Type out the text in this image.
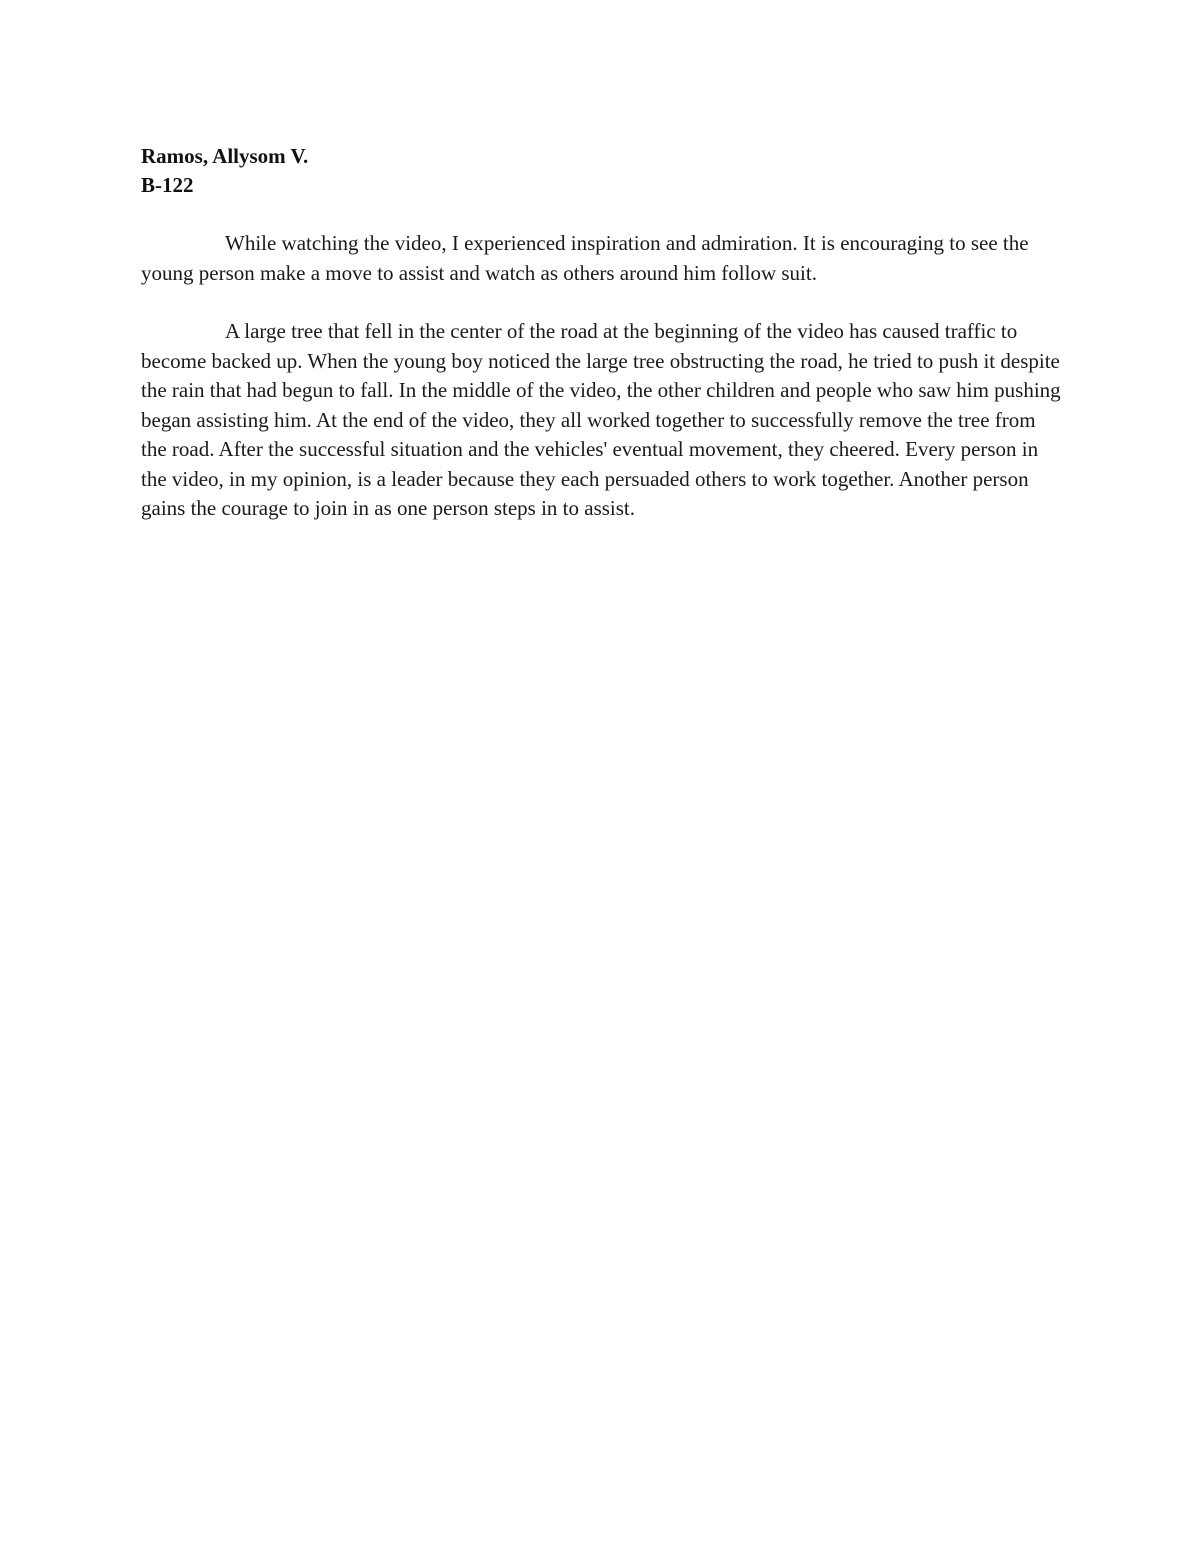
Ramos, Allysom V.

B-122

While watching the video, I experienced inspiration and admiration. It is encouraging to see the young person make a move to assist and watch as others around him follow suit.

A large tree that fell in the center of the road at the beginning of the video has caused traffic to become backed up. When the young boy noticed the large tree obstructing the road, he tried to push it despite the rain that had begun to fall. In the middle of the video, the other children and people who saw him pushing began assisting him. At the end of the video, they all worked together to successfully remove the tree from the road. After the successful situation and the vehicles' eventual movement, they cheered. Every person in the video, in my opinion, is a leader because they each persuaded others to work together. Another person gains the courage to join in as one person steps in to assist.
